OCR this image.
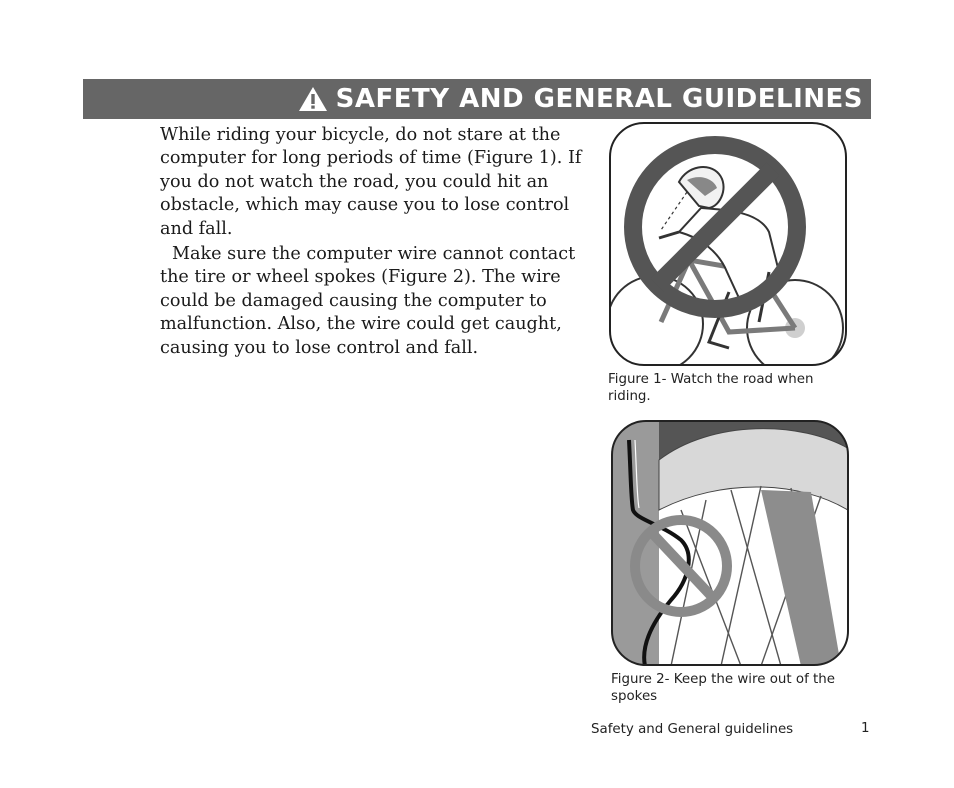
SAFETY AND GENERAL GUIDELINES

While riding your bicycle, do not stare at the computer for long periods of time (Figure 1). If you do not watch the road, you could hit an obstacle, which may cause you to lose control and fall.

Make sure the computer wire cannot contact the tire or wheel spokes (Figure 2). The wire could be damaged causing the computer to malfunction. Also, the wire could get caught, causing you to lose control and fall.

Figure 1- Watch the road when riding.
Figure 2- Keep the wire out of the spokes
Safety and General guidelines	1
